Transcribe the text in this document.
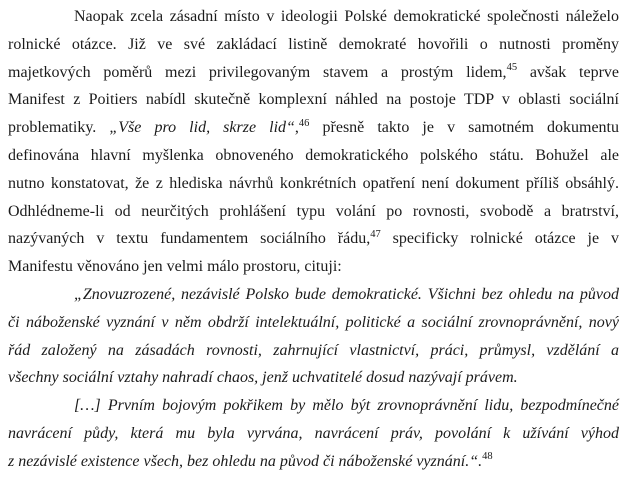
Naopak zcela zásadní místo v ideologii Polské demokratické společnosti náleželo
rolnické otázce. Již ve své zakládací listině demokraté hovořili o nutnosti proměny
majetkových poměrů mezi privilegovaným stavem a prostým lidem,$^{45}$ avšak teprve
Manifest z Poitiers nabídl skutečně komplexní náhled na postoje TDP v oblasti sociální
problematiky. „Vše pro lid, skrze lid“,$^{46}$ přesně takto je v samotném dokumentu
definována hlavní myšlenka obnoveného demokratického polského státu. Bohužel ale
nutno konstatovat, že z hlediska návrhů konkrétních opatření není dokument příliš obsáhlý.
Odhlédneme-li od neurčitých prohlášení typu volání po rovnosti, svobodě a bratrství,
nazývaných v textu fundamentem sociálního řádu,$^{47}$ specificky rolnické otázce je v
Manifestu věnováno jen velmi málo prostoru, cituji:
„Znovuzrozené, nezávislé Polsko bude demokratické. Všichni bez ohledu na původ
či náboženské vyznání v něm obdrží intelektuální, politické a sociální zrovnoprávnění, nový
řád založený na zásadách rovnosti, zahrnující vlastnictví, práci, průmysl, vzdělání a
všechny sociální vztahy nahradí chaos, jenž uchvatitelé dosud nazývají právem.
[…] Prvním bojovým pokřikem by mělo být zrovnoprávnění lidu, bezpodmínečné
navrácení půdy, která mu byla vyrvána, navrácení práv, povolání k užívání výhod
z nezávislé existence všech, bez ohledu na původ či náboženské vyznání.“.$^{48}$
